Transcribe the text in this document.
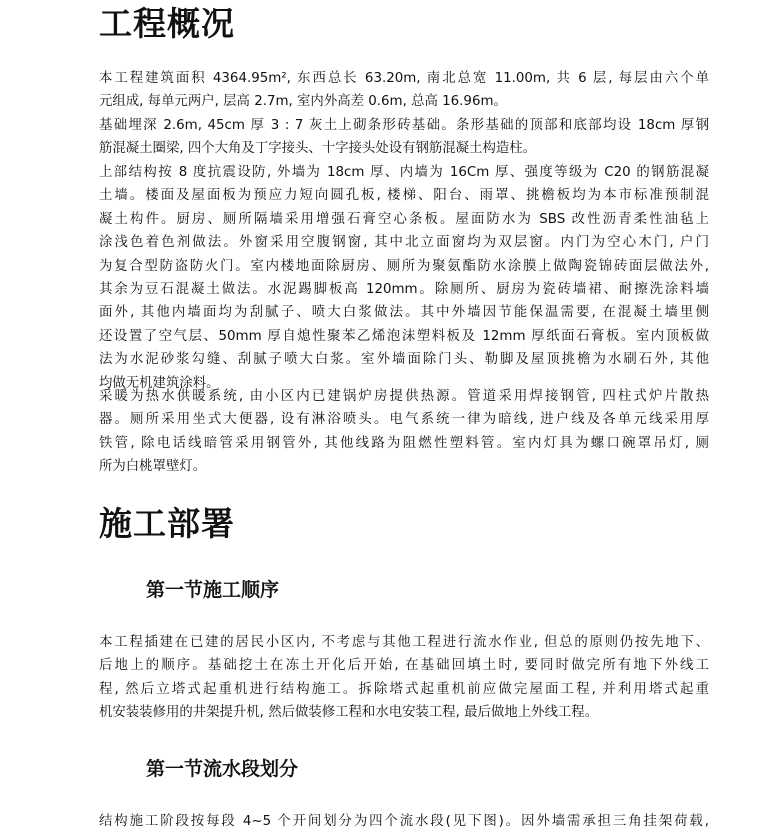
工程概况
本工程建筑面积 4364.95m², 东西总长 63.20m, 南北总宽 11.00m, 共 6 层, 每层由六个单
元组成, 每单元两户, 层高 2.7m, 室内外高差 0.6m, 总高 16.96m。
基础埋深 2.6m, 45cm 厚 3 : 7 灰土上砌条形砖基础。条形基础的顶部和底部均设 18cm 厚钢
筋混凝土圈梁, 四个大角及丁字接头、十字接头处设有钢筋混凝土构造柱。
上部结构按 8 度抗震设防, 外墙为 18cm 厚、内墙为 16Cm 厚、强度等级为 C20 的钢筋混凝
土墙。楼面及屋面板为预应力短向圆孔板, 楼梯、阳台、雨罩、挑檐板均为本市标准预制混
凝土构件。厨房、厕所隔墙采用增强石膏空心条板。屋面防水为 SBS 改性沥青柔性油毡上
涂浅色着色剂做法。外窗采用空腹钢窗, 其中北立面窗均为双层窗。内门为空心木门, 户门
为复合型防盗防火门。室内楼地面除厨房、厕所为聚氨酯防水涂膜上做陶瓷锦砖面层做法外,
其余为豆石混凝土做法。水泥踢脚板高 120mm。除厕所、厨房为瓷砖墙裙、耐擦洗涂料墙
面外, 其他内墙面均为刮腻子、喷大白浆做法。其中外墙因节能保温需要, 在混凝土墙里侧
还设置了空气层、50mm 厚自熄性聚苯乙烯泡沫塑料板及 12mm 厚纸面石膏板。室内顶板做
法为水泥砂浆勾缝、刮腻子喷大白浆。室外墙面除门头、勒脚及屋顶挑檐为水刷石外, 其他
均做无机建筑涂料。
采暖为热水供暖系统, 由小区内已建锅炉房提供热源。管道采用焊接钢管, 四柱式炉片散热
器。厕所采用坐式大便器, 设有淋浴喷头。电气系统一律为暗线, 进户线及各单元线采用厚
铁管, 除电话线暗管采用钢管外, 其他线路为阻燃性塑料管。室内灯具为螺口碗罩吊灯, 厕
所为白桃罩壁灯。
施工部署
第一节施工顺序
本工程插建在已建的居民小区内, 不考虑与其他工程进行流水作业, 但总的原则仍按先地下、
后地上的顺序。基础挖土在冻土开化后开始, 在基础回填土时, 要同时做完所有地下外线工
程, 然后立塔式起重机进行结构施工。拆除塔式起重机前应做完屋面工程, 并利用塔式起重
机安装装修用的井架提升机, 然后做装修工程和水电安装工程, 最后做地上外线工程。
第一节流水段划分
结构施工阶段按每段 4~5 个开间划分为四个流水段(见下图)。因外墙需承担三角挂架荷载,
